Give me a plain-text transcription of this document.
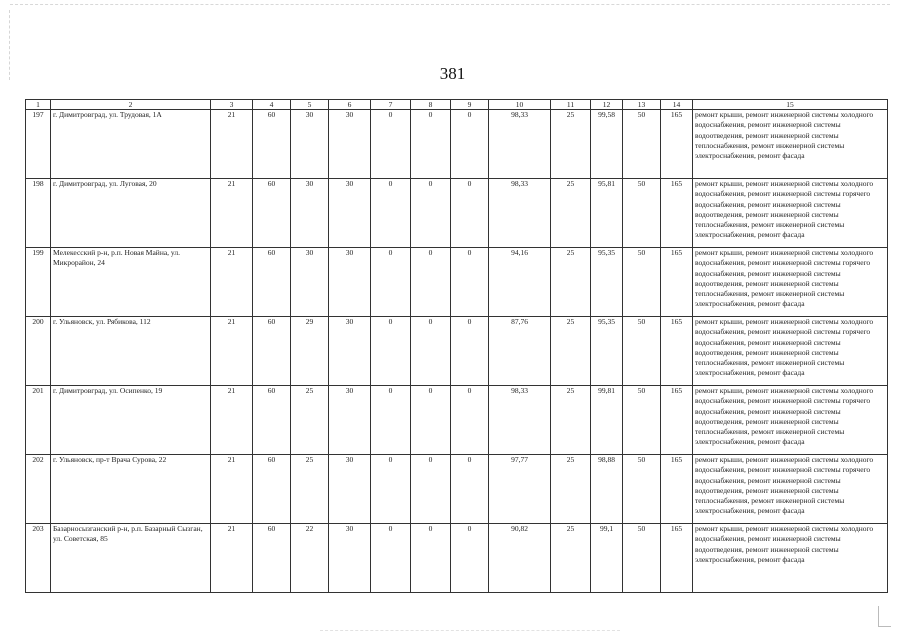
381
1	2	3	4	5	6	7	8	9	10	11	12	13	14	15
197	г. Димитровград, ул. Трудовая, 1А	21	60	30	30	0	0	0	98,33	25	99,58	50	165	ремонт крыши, ремонт инженерной системы холодного водоснабжения, ремонт инженерной системы водоотведения, ремонт инженерной системы теплоснабжения, ремонт инженерной системы электроснабжения, ремонт фасада
198	г. Димитровград, ул. Луговая, 20	21	60	30	30	0	0	0	98,33	25	95,81	50	165	ремонт крыши, ремонт инженерной системы холодного водоснабжения, ремонт инженерной системы горячего водоснабжения, ремонт инженерной системы водоотведения, ремонт инженерной системы теплоснабжения, ремонт инженерной системы электроснабжения, ремонт фасада
199	Мелекесский р-н, р.п. Новая Майна, ул. Микрорайон, 24	21	60	30	30	0	0	0	94,16	25	95,35	50	165	ремонт крыши, ремонт инженерной системы холодного водоснабжения, ремонт инженерной системы горячего водоснабжения, ремонт инженерной системы водоотведения, ремонт инженерной системы теплоснабжения, ремонт инженерной системы электроснабжения, ремонт фасада
200	г. Ульяновск, ул. Рябикова, 112	21	60	29	30	0	0	0	87,76	25	95,35	50	165	ремонт крыши, ремонт инженерной системы холодного водоснабжения, ремонт инженерной системы горячего водоснабжения, ремонт инженерной системы водоотведения, ремонт инженерной системы теплоснабжения, ремонт инженерной системы электроснабжения, ремонт фасада
201	г. Димитровград, ул. Осипенко, 19	21	60	25	30	0	0	0	98,33	25	99,81	50	165	ремонт крыши, ремонт инженерной системы холодного водоснабжения, ремонт инженерной системы горячего водоснабжения, ремонт инженерной системы водоотведения, ремонт инженерной системы теплоснабжения, ремонт инженерной системы электроснабжения, ремонт фасада
202	г. Ульяновск, пр-т Врача Сурова, 22	21	60	25	30	0	0	0	97,77	25	98,88	50	165	ремонт крыши, ремонт инженерной системы холодного водоснабжения, ремонт инженерной системы горячего водоснабжения, ремонт инженерной системы водоотведения, ремонт инженерной системы теплоснабжения, ремонт инженерной системы электроснабжения, ремонт фасада
203	Базарносызганский р-н, р.п. Базарный Сызган, ул. Советская, 85	21	60	22	30	0	0	0	90,82	25	99,1	50	165	ремонт крыши, ремонт инженерной системы холодного водоснабжения, ремонт инженерной системы водоотведения, ремонт инженерной системы электроснабжения, ремонт фасада
